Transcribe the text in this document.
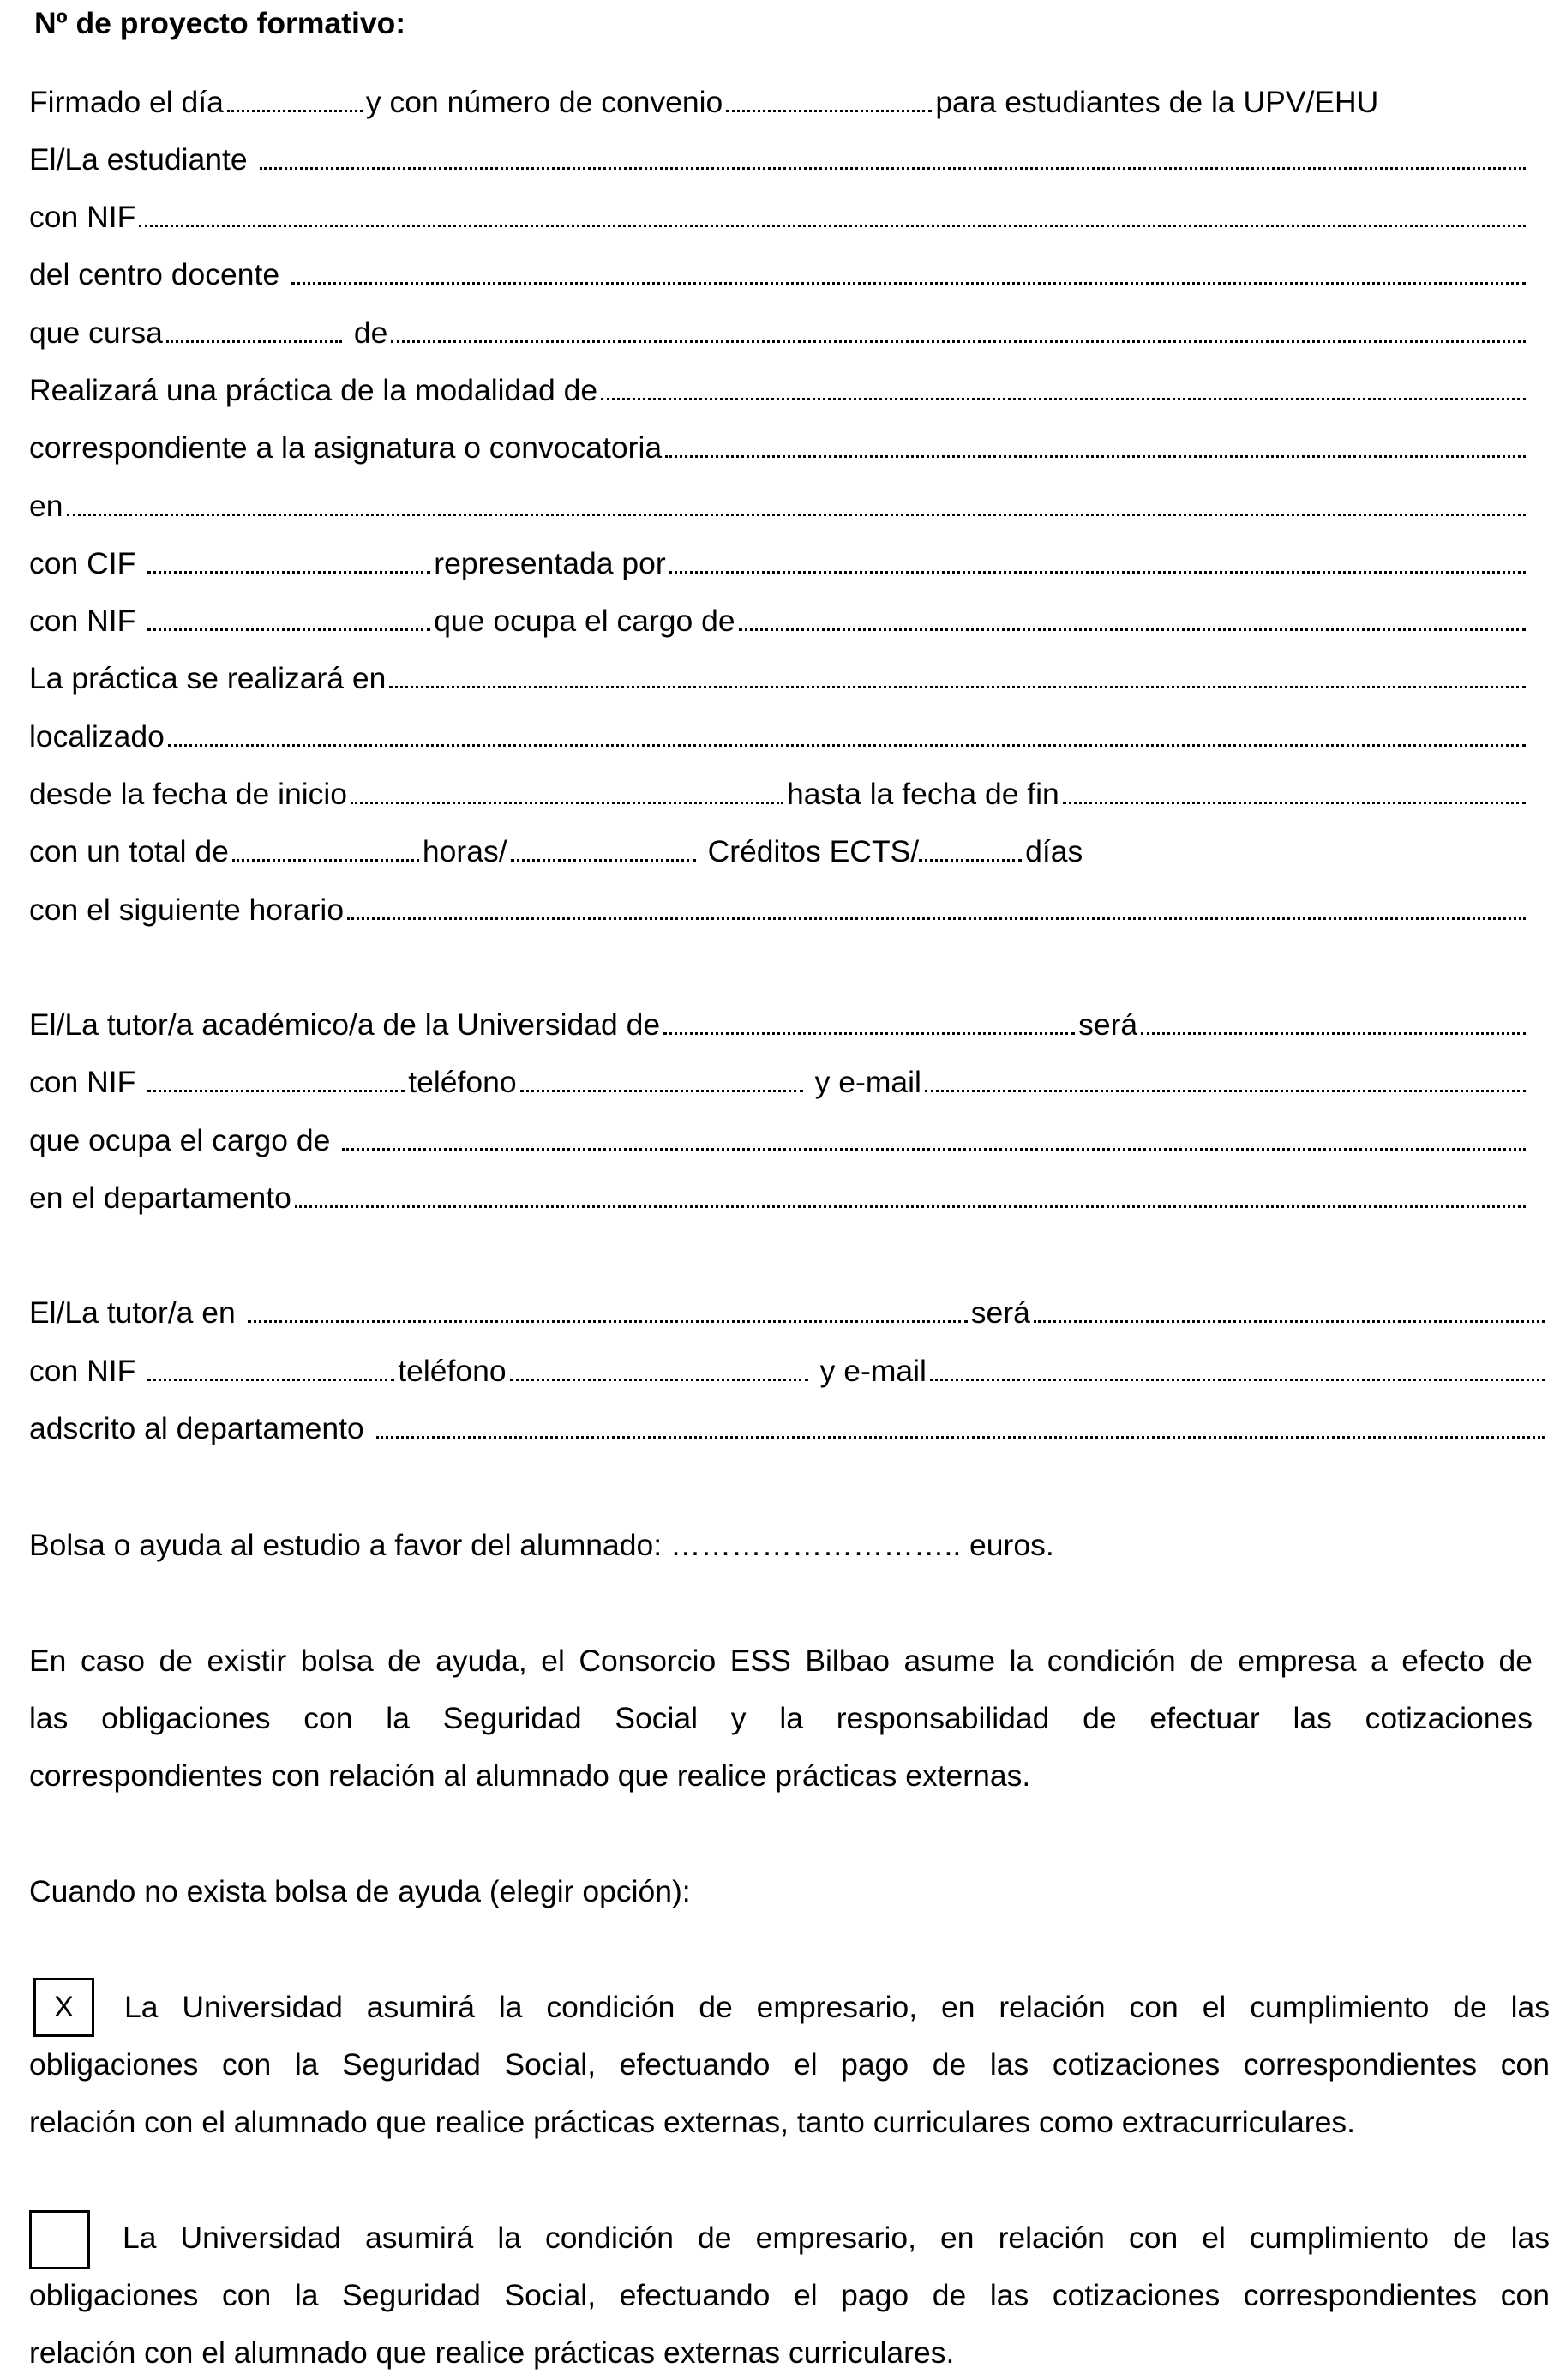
Nº de proyecto formativo:
Firmado el día	y con número de convenio	para estudiantes de la UPV/EHU
El/La estudiante
con NIF
del centro docente
que cursa	de
Realizará una práctica de la modalidad de
correspondiente a la asignatura o convocatoria
en
con CIF	representada por
con NIF	que ocupa el cargo de
La práctica se realizará en
localizado
desde la fecha de inicio	hasta la fecha de fin
con un total de	horas/	Créditos ECTS/	días
con el siguiente horario
El/La tutor/a académico/a de la Universidad de	será
con NIF	teléfono	y e-mail
que ocupa el cargo de
en el departamento
El/La tutor/a en	será
con NIF	teléfono	y e-mail
adscrito al departamento
Bolsa o ayuda al estudio a favor del alumnado: ……………………….. euros.
En caso de existir bolsa de ayuda, el Consorcio ESS Bilbao asume la condición de empresa a efecto de
las obligaciones con la Seguridad Social y la responsabilidad de efectuar las cotizaciones
correspondientes con relación al alumnado que realice prácticas externas.
Cuando no exista bolsa de ayuda (elegir opción):
X	La Universidad asumirá la condición de empresario, en relación con el cumplimiento de las
obligaciones con la Seguridad Social, efectuando el pago de las cotizaciones correspondientes con
relación con el alumnado que realice prácticas externas, tanto curriculares como extracurriculares.
La Universidad asumirá la condición de empresario, en relación con el cumplimiento de las
obligaciones con la Seguridad Social, efectuando el pago de las cotizaciones correspondientes con
relación con el alumnado que realice prácticas externas curriculares.
